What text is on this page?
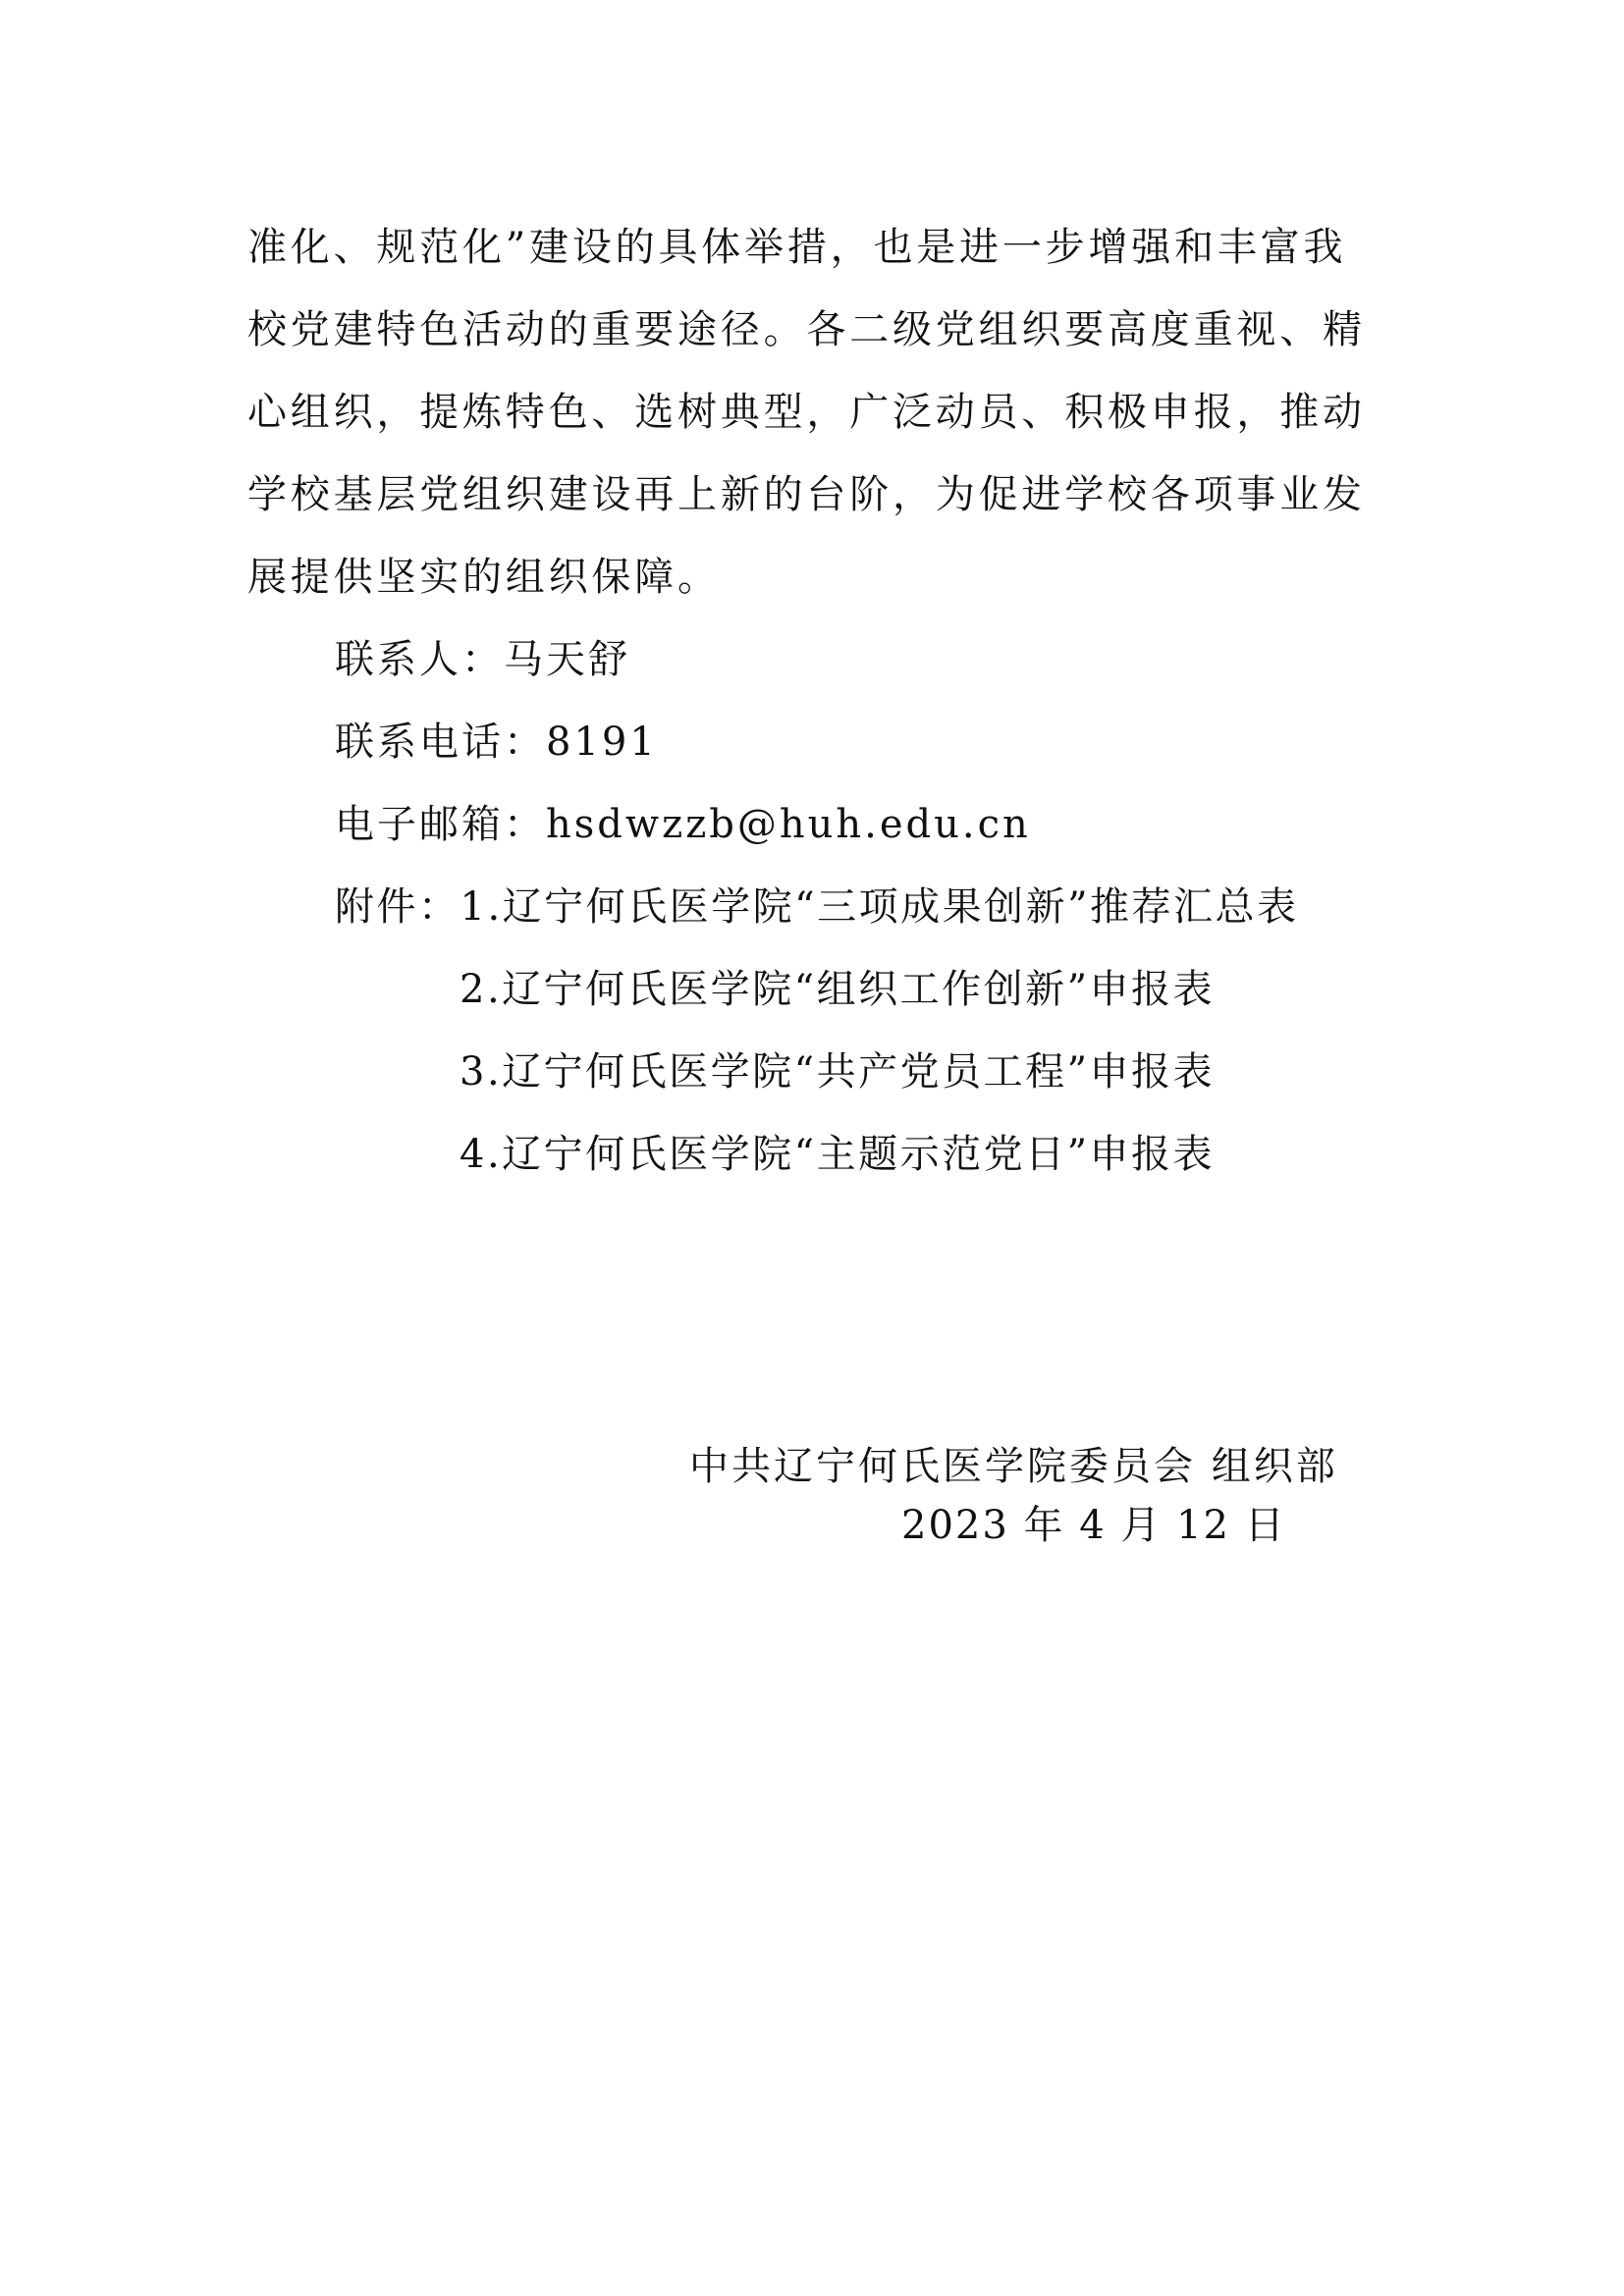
准化、规范化”建设的具体举措，也是进一步增强和丰富我
校党建特色活动的重要途径。各二级党组织要高度重视、精
心组织，提炼特色、选树典型，广泛动员、积极申报，推动
学校基层党组织建设再上新的台阶，为促进学校各项事业发
展提供坚实的组织保障。
联系人：马天舒
联系电话：8191
电子邮箱：hsdwzzb@huh.edu.cn
附件：1.辽宁何氏医学院“三项成果创新”推荐汇总表
2.辽宁何氏医学院“组织工作创新”申报表
3.辽宁何氏医学院“共产党员工程”申报表
4.辽宁何氏医学院“主题示范党日”申报表
中共辽宁何氏医学院委员会 组织部
2023 年 4 月 12 日
